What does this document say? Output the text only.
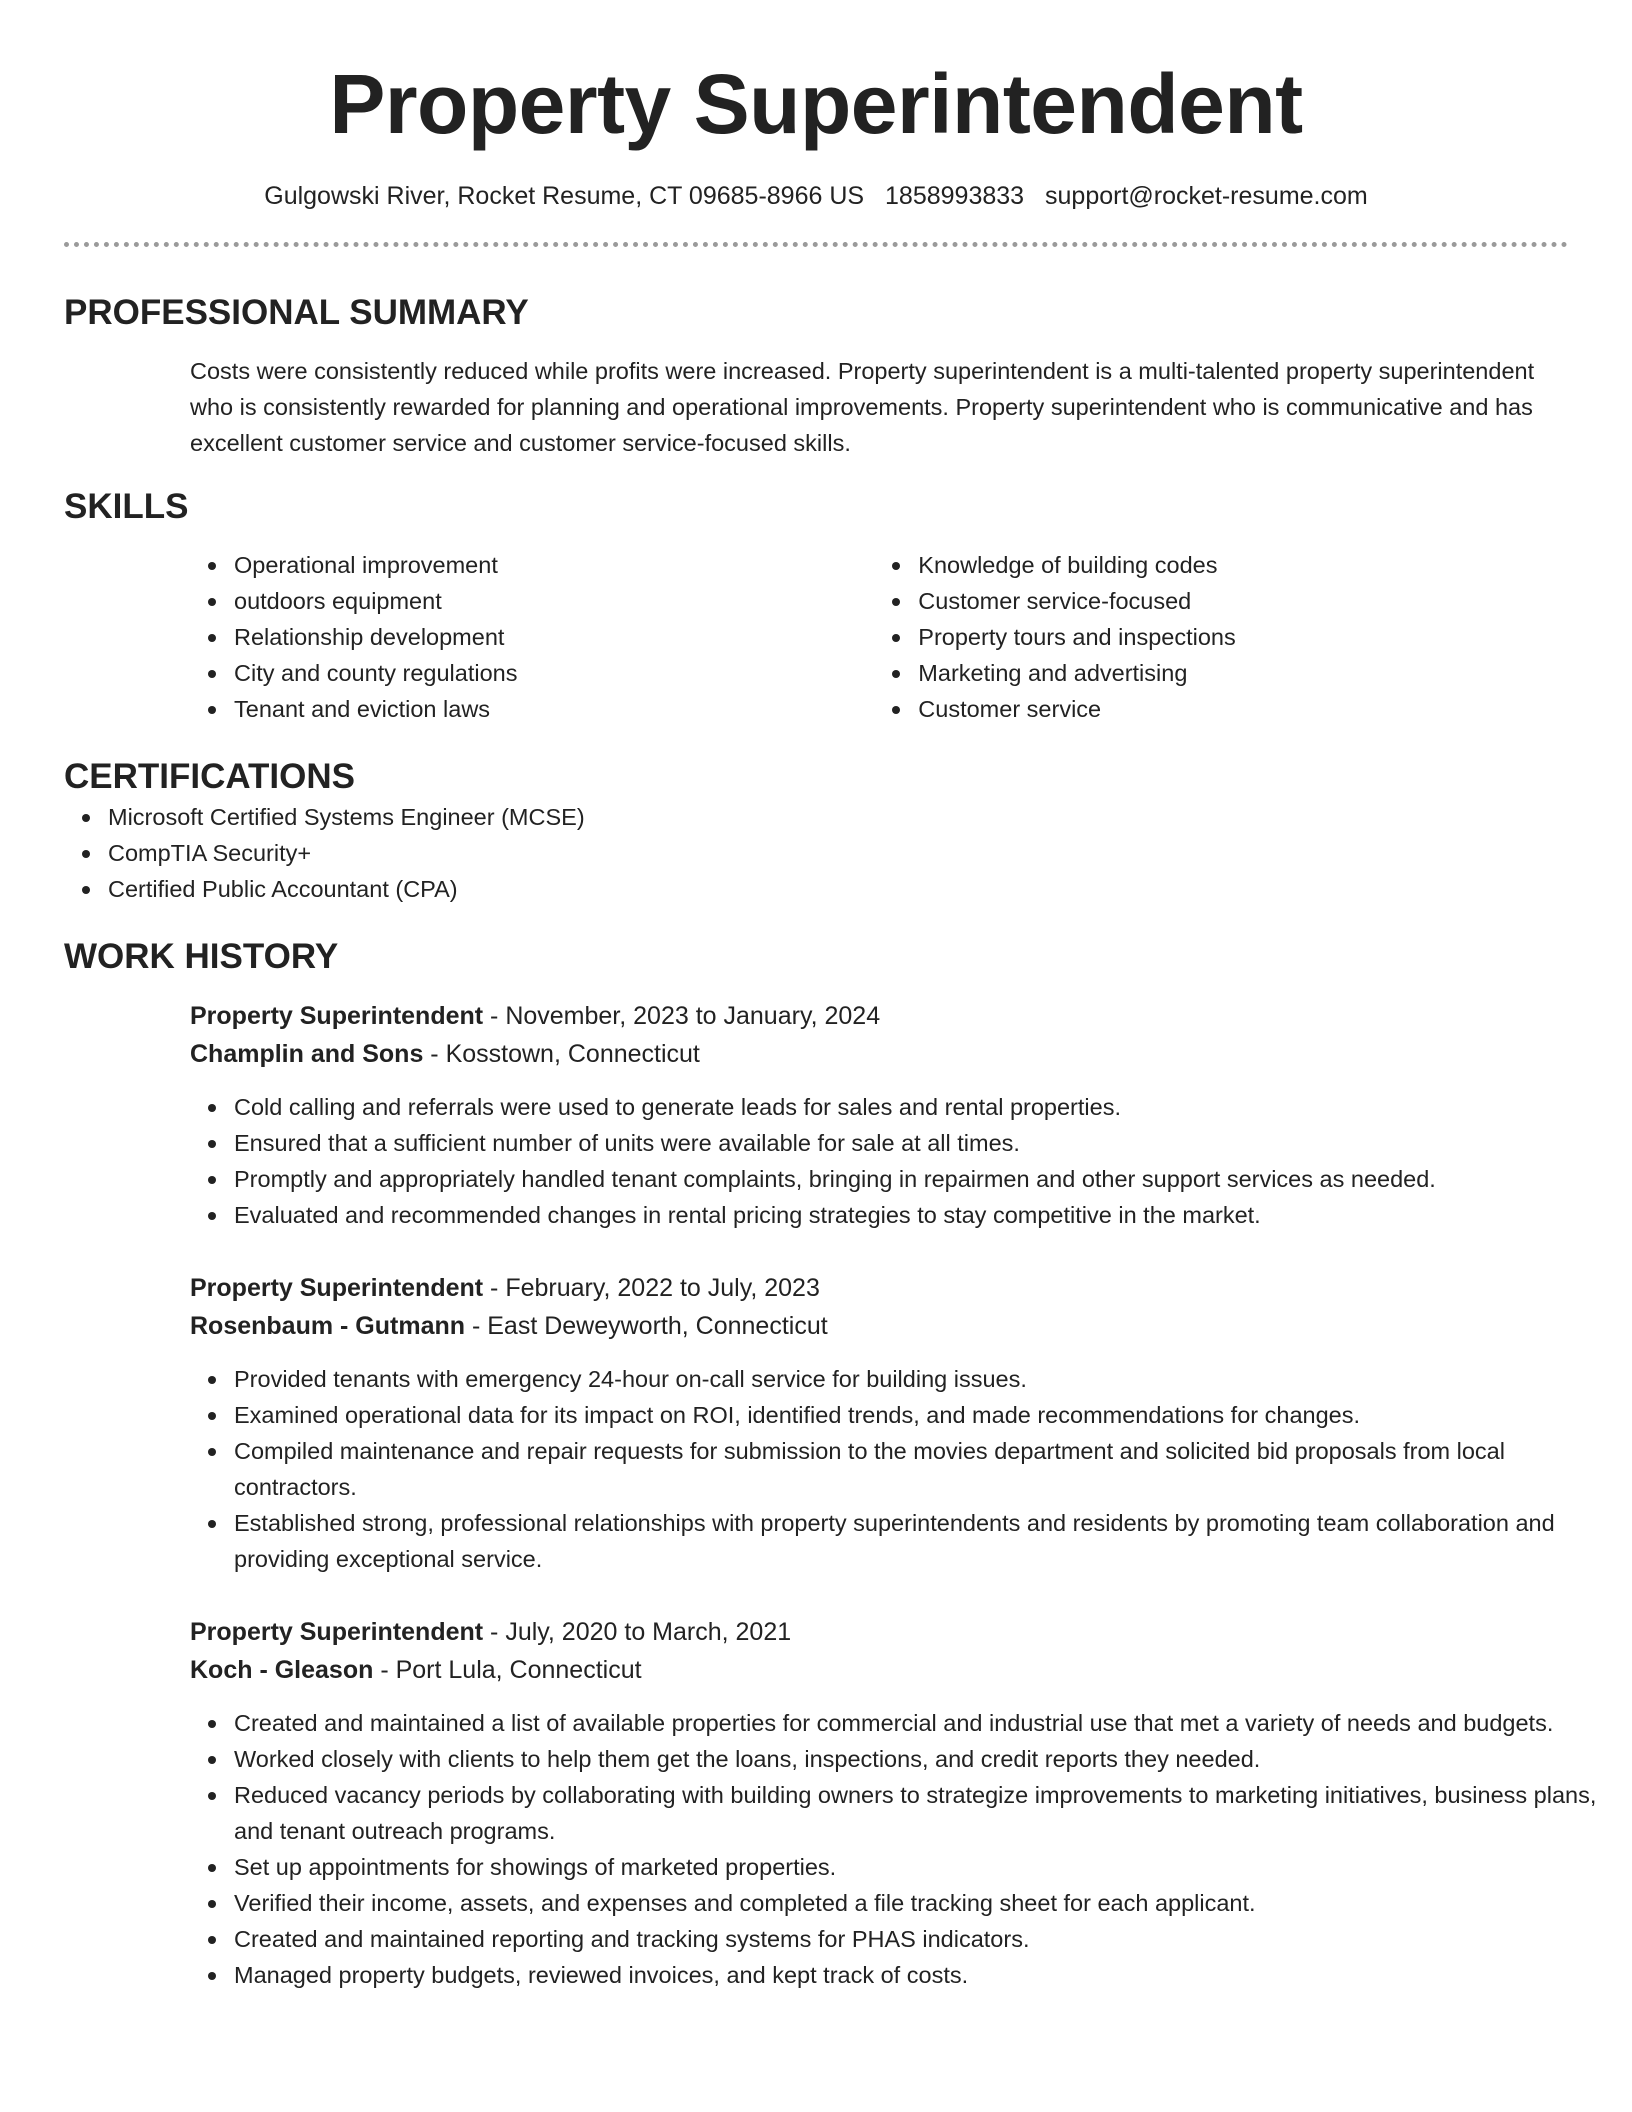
Property Superintendent
Gulgowski River, Rocket Resume, CT 09685-8966 US 1858993833 support@rocket-resume.com
PROFESSIONAL SUMMARY
Costs were consistently reduced while profits were increased. Property superintendent is a multi-talented property superintendent who is consistently rewarded for planning and operational improvements. Property superintendent who is communicative and has excellent customer service and customer service-focused skills.
SKILLS
Operational improvement
outdoors equipment
Relationship development
City and county regulations
Tenant and eviction laws
Knowledge of building codes
Customer service-focused
Property tours and inspections
Marketing and advertising
Customer service
CERTIFICATIONS
Microsoft Certified Systems Engineer (MCSE)
CompTIA Security+
Certified Public Accountant (CPA)
WORK HISTORY
Property Superintendent - November, 2023 to January, 2024
Champlin and Sons - Kosstown, Connecticut
Cold calling and referrals were used to generate leads for sales and rental properties.
Ensured that a sufficient number of units were available for sale at all times.
Promptly and appropriately handled tenant complaints, bringing in repairmen and other support services as needed.
Evaluated and recommended changes in rental pricing strategies to stay competitive in the market.
Property Superintendent - February, 2022 to July, 2023
Rosenbaum - Gutmann - East Deweyworth, Connecticut
Provided tenants with emergency 24-hour on-call service for building issues.
Examined operational data for its impact on ROI, identified trends, and made recommendations for changes.
Compiled maintenance and repair requests for submission to the movies department and solicited bid proposals from local contractors.
Established strong, professional relationships with property superintendents and residents by promoting team collaboration and providing exceptional service.
Property Superintendent - July, 2020 to March, 2021
Koch - Gleason - Port Lula, Connecticut
Created and maintained a list of available properties for commercial and industrial use that met a variety of needs and budgets.
Worked closely with clients to help them get the loans, inspections, and credit reports they needed.
Reduced vacancy periods by collaborating with building owners to strategize improvements to marketing initiatives, business plans, and tenant outreach programs.
Set up appointments for showings of marketed properties.
Verified their income, assets, and expenses and completed a file tracking sheet for each applicant.
Created and maintained reporting and tracking systems for PHAS indicators.
Managed property budgets, reviewed invoices, and kept track of costs.
